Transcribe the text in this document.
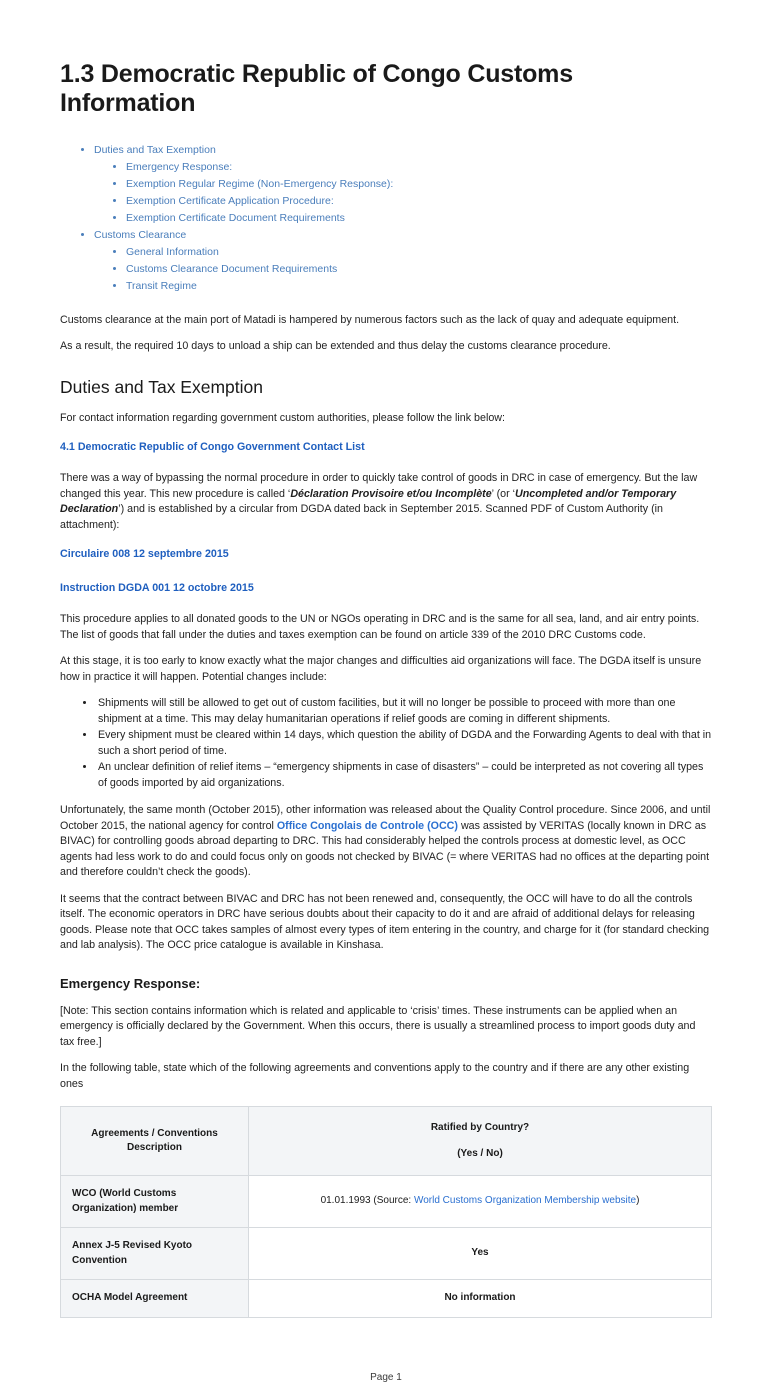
1.3 Democratic Republic of Congo Customs Information
• Duties and Tax Exemption
• Emergency Response:
• Exemption Regular Regime (Non-Emergency Response):
• Exemption Certificate Application Procedure:
• Exemption Certificate Document Requirements
• Customs Clearance
• General Information
• Customs Clearance Document Requirements
• Transit Regime

Customs clearance at the main port of Matadi is hampered by numerous factors such as the lack of quay and adequate equipment.

As a result, the required 10 days to unload a ship can be extended and thus delay the customs clearance procedure.

Duties and Tax Exemption

For contact information regarding government custom authorities, please follow the link below:

4.1 Democratic Republic of Congo Government Contact List

There was a way of bypassing the normal procedure in order to quickly take control of goods in DRC in case of emergency. But the law changed this year. This new procedure is called ‘Déclaration Provisoire et/ou Incomplète’ (or ‘Uncompleted and/or Temporary Declaration’) and is established by a circular from DGDA dated back in September 2015. Scanned PDF of Custom Authority (in attachment):

Circulaire 008 12 septembre 2015

Instruction DGDA 001 12 octobre 2015

This procedure applies to all donated goods to the UN or NGOs operating in DRC and is the same for all sea, land, and air entry points. The list of goods that fall under the duties and taxes exemption can be found on article 339 of the 2010 DRC Customs code.

At this stage, it is too early to know exactly what the major changes and difficulties aid organizations will face. The DGDA itself is unsure how in practice it will happen. Potential changes include:

• Shipments will still be allowed to get out of custom facilities, but it will no longer be possible to proceed with more than one shipment at a time. This may delay humanitarian operations if relief goods are coming in different shipments.
• Every shipment must be cleared within 14 days, which question the ability of DGDA and the Forwarding Agents to deal with that in such a short period of time.
• An unclear definition of relief items – “emergency shipments in case of disasters” – could be interpreted as not covering all types of goods imported by aid organizations.

Unfortunately, the same month (October 2015), other information was released about the Quality Control procedure. Since 2006, and until October 2015, the national agency for control Office Congolais de Controle (OCC) was assisted by VERITAS (locally known in DRC as BIVAC) for controlling goods abroad departing to DRC. This had considerably helped the controls process at domestic level, as OCC agents had less work to do and could focus only on goods not checked by BIVAC (= where VERITAS had no offices at the departing point and therefore couldn’t check the goods).

It seems that the contract between BIVAC and DRC has not been renewed and, consequently, the OCC will have to do all the controls itself. The economic operators in DRC have serious doubts about their capacity to do it and are afraid of additional delays for releasing goods. Please note that OCC takes samples of almost every types of item entering in the country, and charge for it (for standard checking and lab analysis). The OCC price catalogue is available in Kinshasa.

Emergency Response:

[Note: This section contains information which is related and applicable to ‘crisis’ times. These instruments can be applied when an emergency is officially declared by the Government. When this occurs, there is usually a streamlined process to import goods duty and tax free.]

In the following table, state which of the following agreements and conventions apply to the country and if there are any other existing ones

Agreements / Conventions Description	Ratified by Country?
(Yes / No)

WCO (World Customs Organization) member	01.01.1993 (Source: World Customs Organization Membership website)
Annex J-5 Revised Kyoto Convention	Yes
OCHA Model Agreement	No information
Page 1
